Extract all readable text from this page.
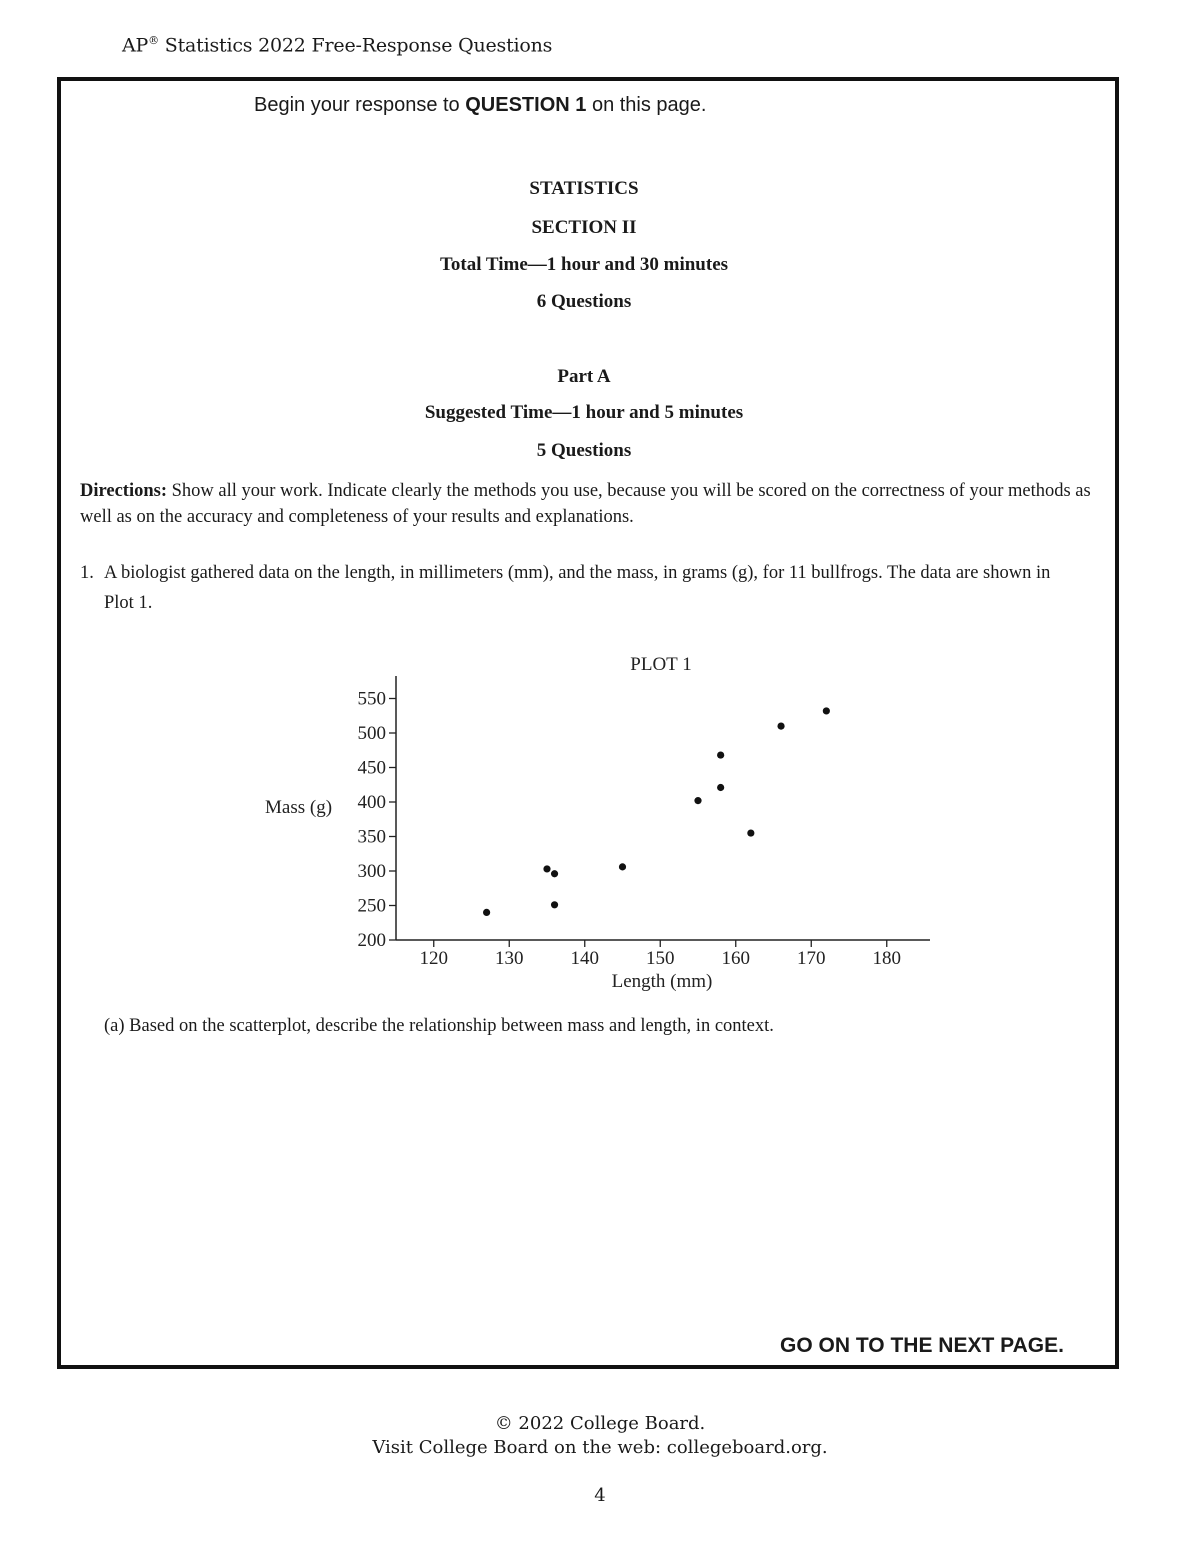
AP® Statistics 2022 Free-Response Questions
Begin your response to QUESTION 1 on this page.
STATISTICS
SECTION II
Total Time—1 hour and 30 minutes
6 Questions
Part A
Suggested Time—1 hour and 5 minutes
5 Questions
Directions: Show all your work. Indicate clearly the methods you use, because you will be scored on the correctness of your methods as well as on the accuracy and completeness of your results and explanations.
1. A biologist gathered data on the length, in millimeters (mm), and the mass, in grams (g), for 11 bullfrogs. The data are shown in Plot 1.
PLOT 1
Mass (g)
Length (mm)
120 130 140 150 160 170 180
200
250
300
350
400
450
500
550
(a) Based on the scatterplot, describe the relationship between mass and length, in context.
GO ON TO THE NEXT PAGE.
© 2022 College Board.
Visit College Board on the web: collegeboard.org.
4
